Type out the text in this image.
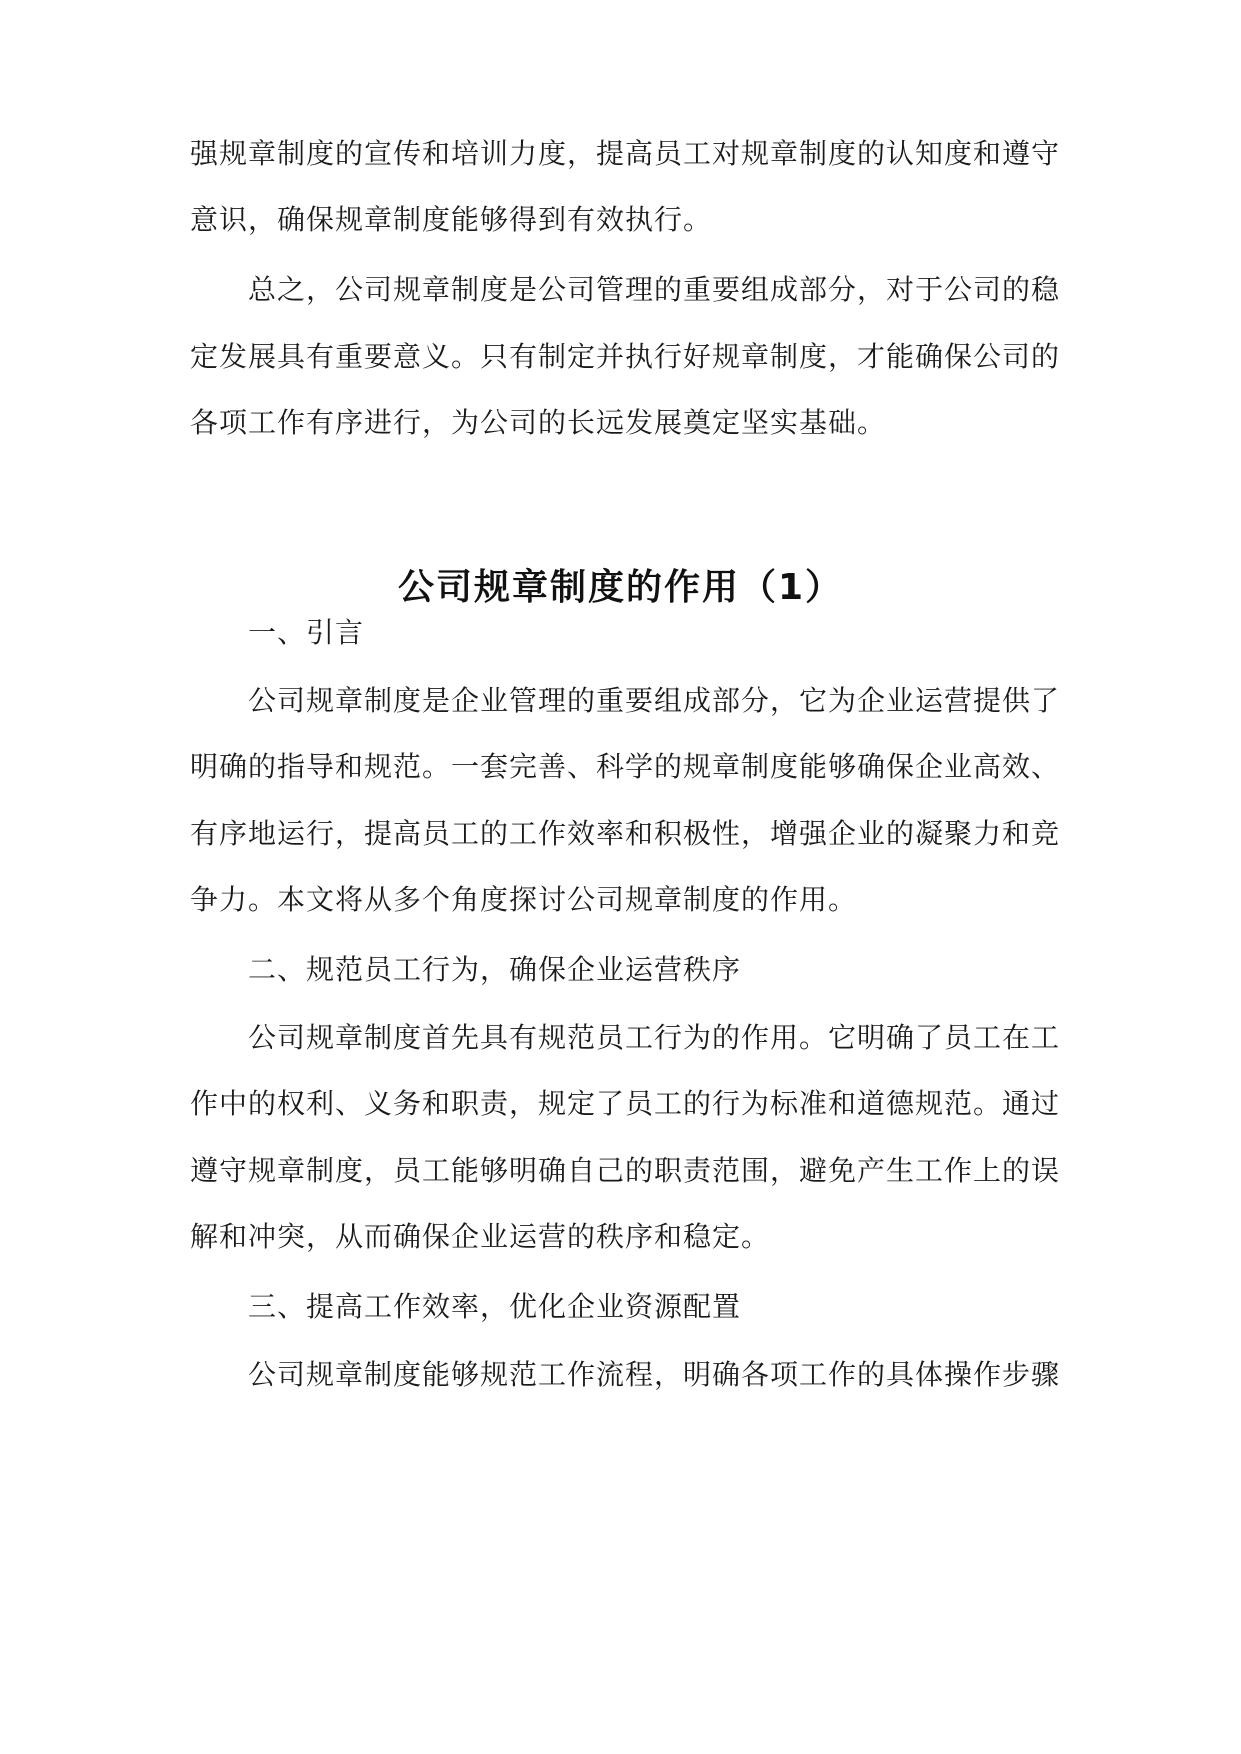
强规章制度的宣传和培训力度，提高员工对规章制度的认知度和遵守

意识，确保规章制度能够得到有效执行。

总之，公司规章制度是公司管理的重要组成部分，对于公司的稳

定发展具有重要意义。只有制定并执行好规章制度，才能确保公司的

各项工作有序进行，为公司的长远发展奠定坚实基础。

一、引言

公司规章制度是企业管理的重要组成部分，它为企业运营提供了

明确的指导和规范。一套完善、科学的规章制度能够确保企业高效、

有序地运行，提高员工的工作效率和积极性，增强企业的凝聚力和竞

争力。本文将从多个角度探讨公司规章制度的作用。

二、规范员工行为，确保企业运营秩序

公司规章制度首先具有规范员工行为的作用。它明确了员工在工

作中的权利、义务和职责，规定了员工的行为标准和道德规范。通过

遵守规章制度，员工能够明确自己的职责范围，避免产生工作上的误

解和冲突，从而确保企业运营的秩序和稳定。

三、提高工作效率，优化企业资源配置

公司规章制度能够规范工作流程，明确各项工作的具体操作步骤

公司规章制度的作用（1）
